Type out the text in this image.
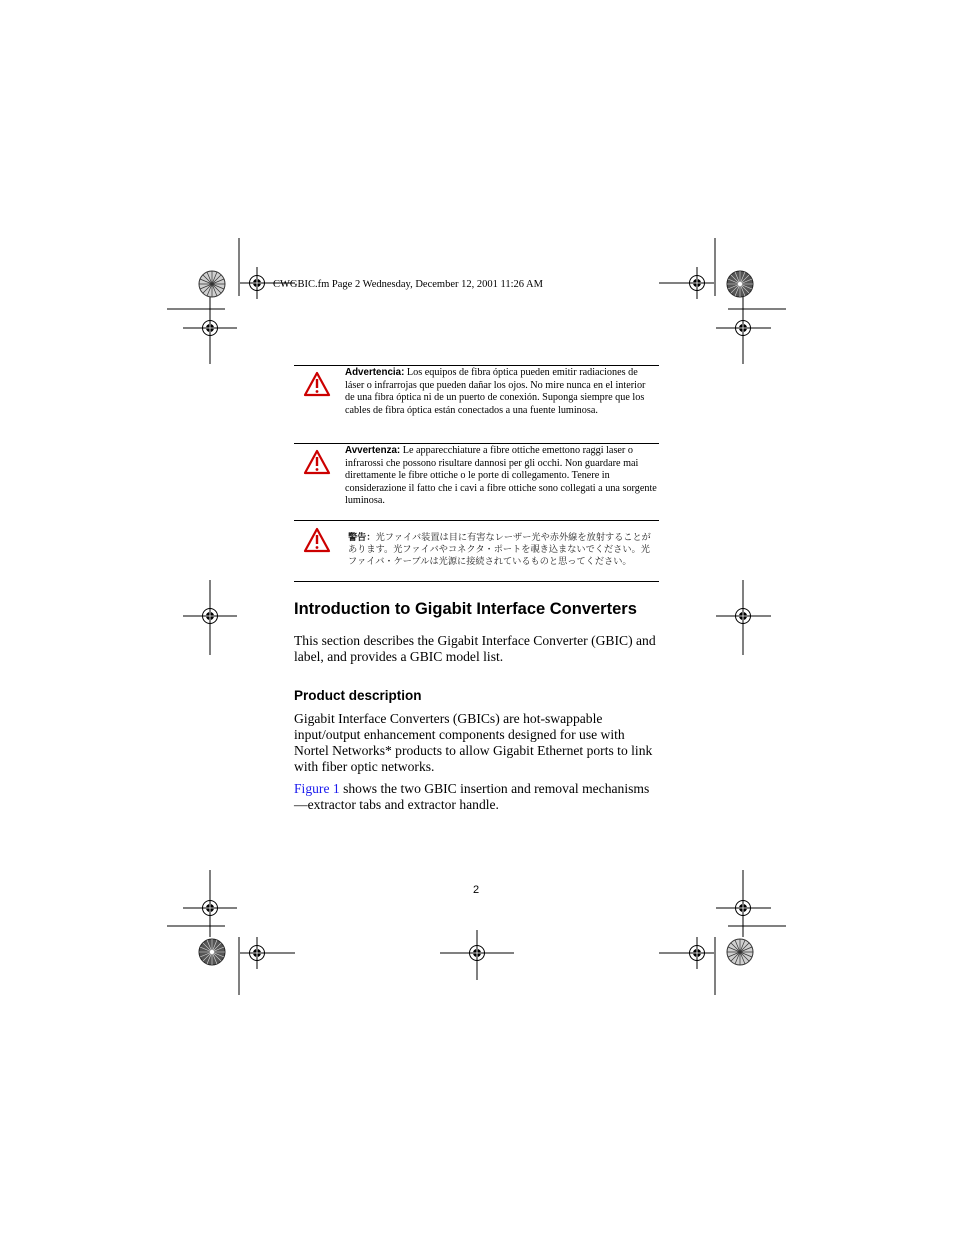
CWGBIC.fm Page 2 Wednesday, December 12, 2001 11:26 AM
Advertencia: Los equipos de fibra óptica pueden emitir radiaciones de láser o infrarrojas que pueden dañar los ojos. No mire nunca en el interior de una fibra óptica ni de un puerto de conexión. Suponga siempre que los cables de fibra óptica están conectados a una fuente luminosa.
Avvertenza: Le apparecchiature a fibre ottiche emettono raggi laser o infrarossi che possono risultare dannosi per gli occhi. Non guardare mai direttamente le fibre ottiche o le porte di collegamento. Tenere in considerazione il fatto che i cavi a fibre ottiche sono collegati a una sorgente luminosa.
警告：光ファイバ装置は目に有害なレーザー光や赤外線を放射することがあります。光ファイバやコネクタ・ポートを覗き込まないでください。光ファイバ・ケーブルは光源に接続されているものと思ってください。
Introduction to Gigabit Interface Converters

This section describes the Gigabit Interface Converter (GBIC) and label, and provides a GBIC model list.

Product description

Gigabit Interface Converters (GBICs) are hot-swappable input/output enhancement components designed for use with Nortel Networks* products to allow Gigabit Ethernet ports to link with fiber optic networks.

Figure 1 shows the two GBIC insertion and removal mechanisms—extractor tabs and extractor handle.

2
